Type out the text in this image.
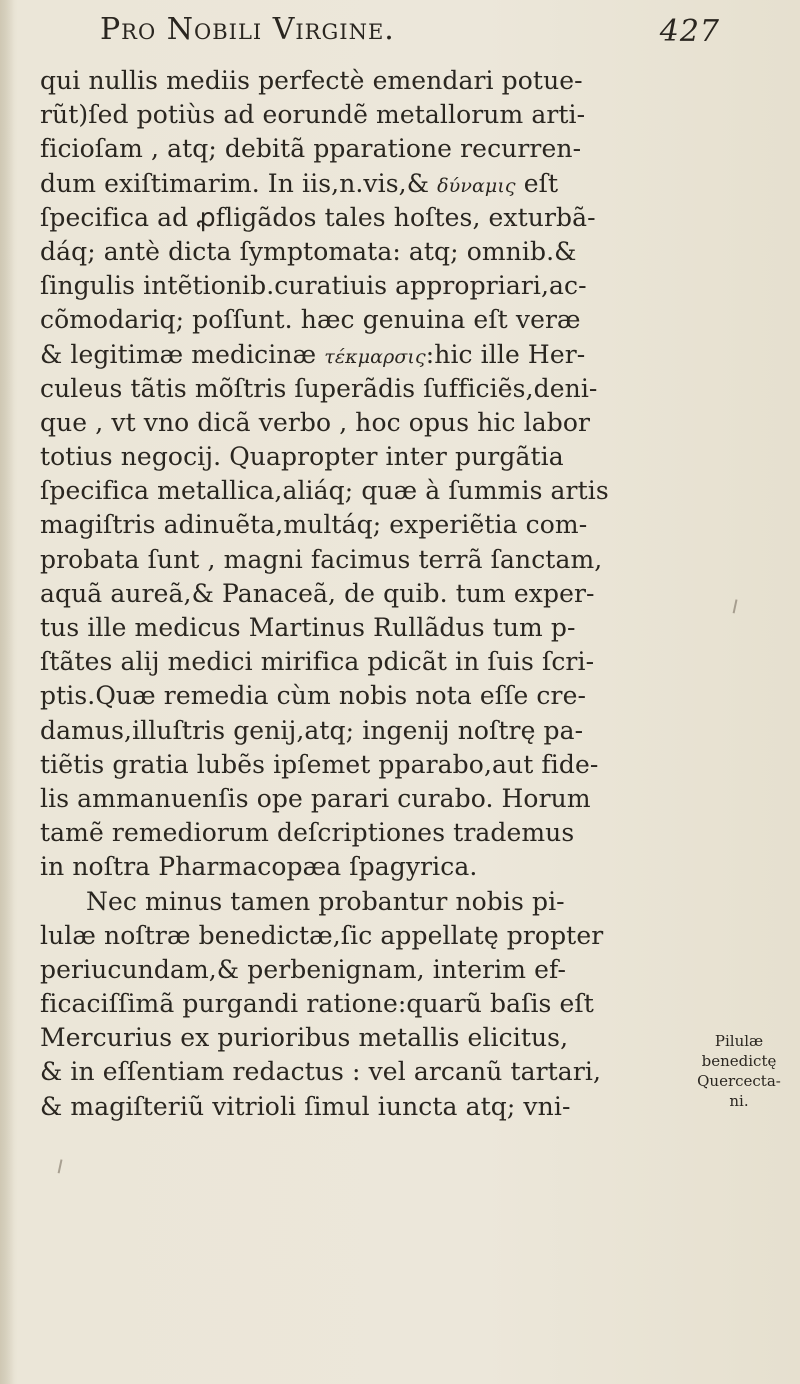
Pro Nobili Virgine.	427
qui nullis mediis perfectè emendari potue-
rũt)ſed potiùs ad eorundẽ metallorum arti-
ficioſam , atq; debitã pparatione recurren-
dum exiſtimarim. In iis,n.vis,& δύναμις eſt
ſpecifica ad ꝓfligãdos tales hoſtes, exturbã-
dáq; antè dicta ſymptomata: atq; omnib.&
ſingulis intẽtionib.curatiuis appropriari,ac-
cõmodariq; poſſunt. hæc genuina eſt veræ
& legitimæ medicinæ τέκμαρσις:hic ille Her-
culeus tãtis mõſtris ſuperãdis ſufficiẽs,deni-
que , vt vno dicã verbo , hoc opus hic labor
totius negocij. Quapropter inter purgãtia
ſpecifica metallica,aliáq; quæ à ſummis artis
magiſtris adinuẽta,multáq; experiẽtia com-
probata ſunt , magni facimus terrã ſanctam,
aquã aureã,& Panaceã, de quib. tum exper-
tus ille medicus Martinus Rullãdus tum p-
ſtãtes alij medici mirifica pdicãt in ſuis ſcri-
ptis.Quæ remedia cùm nobis nota eſſe cre-
damus,illuſtris genij,atq; ingenij noſtrę pa-
tiẽtis gratia lubẽs ipſemet pparabo,aut fide-
lis ammanuenſis ope parari curabo. Horum
tamẽ remediorum deſcriptiones trademus
in noſtra Pharmacopæa ſpagyrica.
Nec minus tamen probantur nobis pi-
lulæ noſtræ benedictæ,ſic appellatę propter
periucundam,& perbenignam, interim ef-
ficaciſſimã purgandi ratione:quarũ baſis eſt
Mercurius ex purioribus metallis elicitus,
& in eſſentiam redactus : vel arcanũ tartari,
& magiſteriũ vitrioli ſimul iuncta atq; vni-
Pilulæ
benedictę
Quercecta-
ni.
